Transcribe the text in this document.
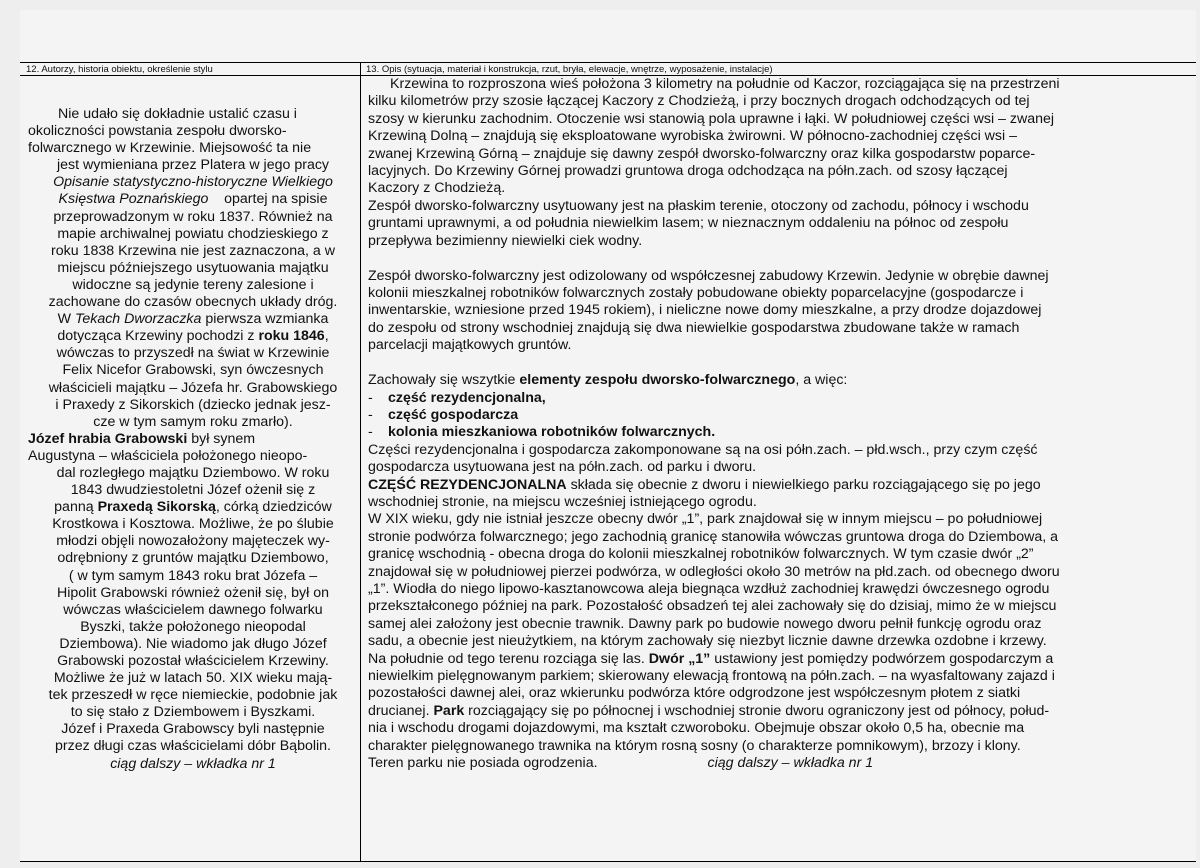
12. Autorzy, historia obiektu, określenie stylu	13. Opis (sytuacja, materiał i konstrukcja, rzut, bryła, elewacje, wnętrze, wyposażenie, instalacje)
Nie udało się dokładnie ustalić czasu i
okoliczności powstania zespołu dworsko-
folwarcznego w Krzewinie. Miejsowość ta nie
jest wymieniana przez Platera w jego pracy
Opisanie statystyczno-historyczne Wielkiego
Księstwa Poznańskiego opartej na spisie
przeprowadzonym w roku 1837. Również na
mapie archiwalnej powiatu chodzieskiego z
roku 1838 Krzewina nie jest zaznaczona, a w
miejscu późniejszego usytuowania majątku
widoczne są jedynie tereny zalesione i
zachowane do czasów obecnych układy dróg.
W Tekach Dworzaczka pierwsza wzmianka
dotycząca Krzewiny pochodzi z roku 1846,
wówczas to przyszedł na świat w Krzewinie
Felix Nicefor Grabowski, syn ówczesnych
właścicieli majątku – Józefa hr. Grabowskiego
i Praxedy z Sikorskich (dziecko jednak jesz-
cze w tym samym roku zmarło).
Józef hrabia Grabowski był synem
Augustyna – właściciela położonego nieopo-
dal rozległego majątku Dziembowo. W roku
1843 dwudziestoletni Józef ożenił się z
panną Praxedą Sikorską, córką dziedziców
Krostkowa i Kosztowa. Możliwe, że po ślubie
młodzi objęli nowozałożony majęteczek wy-
odrębniony z gruntów majątku Dziembowo,
( w tym samym 1843 roku brat Józefa –
Hipolit Grabowski również ożenił się, był on
wówczas właścicielem dawnego folwarku
Byszki, także położonego nieopodal
Dziembowa). Nie wiadomo jak długo Józef
Grabowski pozostał właścicielem Krzewiny.
Możliwe że już w latach 50. XIX wieku mają-
tek przeszedł w ręce niemieckie, podobnie jak
to się stało z Dziembowem i Byszkami.
Józef i Praxeda Grabowscy byli następnie
przez długi czas właścicielami dóbr Bąbolin.
ciąg dalszy – wkładka nr 1
Krzewina to rozproszona wieś położona 3 kilometry na południe od Kaczor, rozciągająca się na przestrzeni
kilku kilometrów przy szosie łączącej Kaczory z Chodzieżą, i przy bocznych drogach odchodzących od tej
szosy w kierunku zachodnim. Otoczenie wsi stanowią pola uprawne i łąki. W południowej części wsi – zwanej
Krzewiną Dolną – znajdują się eksploatowane wyrobiska żwirowni. W północno-zachodniej części wsi –
zwanej Krzewiną Górną – znajduje się dawny zespół dworsko-folwarczny oraz kilka gospodarstw poparce-
lacyjnych. Do Krzewiny Górnej prowadzi gruntowa droga odchodząca na półn.zach. od szosy łączącej
Kaczory z Chodzieżą.
Zespół dworsko-folwarczny usytuowany jest na płaskim terenie, otoczony od zachodu, północy i wschodu
gruntami uprawnymi, a od południa niewielkim lasem; w nieznacznym oddaleniu na północ od zespołu
przepływa bezimienny niewielki ciek wodny.
Zespół dworsko-folwarczny jest odizolowany od współczesnej zabudowy Krzewin. Jedynie w obrębie dawnej
kolonii mieszkalnej robotników folwarcznych zostały pobudowane obiekty poparcelacyjne (gospodarcze i
inwentarskie, wzniesione przed 1945 rokiem), i nieliczne nowe domy mieszkalne, a przy drodze dojazdowej
do zespołu od strony wschodniej znajdują się dwa niewielkie gospodarstwa zbudowane także w ramach
parcelacji majątkowych gruntów.
Zachowały się wszytkie elementy zespołu dworsko-folwarcznego, a więc:
-	część rezydencjonalna,
-	część gospodarcza
-	kolonia mieszkaniowa robotników folwarcznych.
Części rezydencjonalna i gospodarcza zakomponowane są na osi półn.zach. – płd.wsch., przy czym część
gospodarcza usytuowana jest na półn.zach. od parku i dworu.
CZĘŚĆ REZYDENCJONALNA składa się obecnie z dworu i niewielkiego parku rozciągającego się po jego
wschodniej stronie, na miejscu wcześniej istniejącego ogrodu.
W XIX wieku, gdy nie istniał jeszcze obecny dwór „1”, park znajdował się w innym miejscu – po południowej
stronie podwórza folwarcznego; jego zachodnią granicę stanowiła wówczas gruntowa droga do Dziembowa, a
granicę wschodnią - obecna droga do kolonii mieszkalnej robotników folwarcznych. W tym czasie dwór „2”
znajdował się w południowej pierzei podwórza, w odległości około 30 metrów na płd.zach. od obecnego dworu
„1”. Wiodła do niego lipowo-kasztanowcowa aleja biegnąca wzdłuż zachodniej krawędzi ówczesnego ogrodu
przekształconego później na park. Pozostałość obsadzeń tej alei zachowały się do dzisiaj, mimo że w miejscu
samej alei założony jest obecnie trawnik. Dawny park po budowie nowego dworu pełnił funkcję ogrodu oraz
sadu, a obecnie jest nieużytkiem, na którym zachowały się niezbyt licznie dawne drzewka ozdobne i krzewy.
Na południe od tego terenu rozciąga się las. Dwór „1” ustawiony jest pomiędzy podwórzem gospodarczym a
niewielkim pielęgnowanym parkiem; skierowany elewacją frontową na półn.zach. – na wyasfaltowany zajazd i
pozostałości dawnej alei, oraz wkierunku podwórza które odgrodzone jest współczesnym płotem z siatki
drucianej. Park rozciągający się po północnej i wschodniej stronie dworu ograniczony jest od północy, połud-
nia i wschodu drogami dojazdowymi, ma kształt czworoboku. Obejmuje obszar około 0,5 ha, obecnie ma
charakter pielęgnowanego trawnika na którym rosną sosny (o charakterze pomnikowym), brzozy i klony.
Teren parku nie posiada ogrodzenia.	ciąg dalszy – wkładka nr 1
